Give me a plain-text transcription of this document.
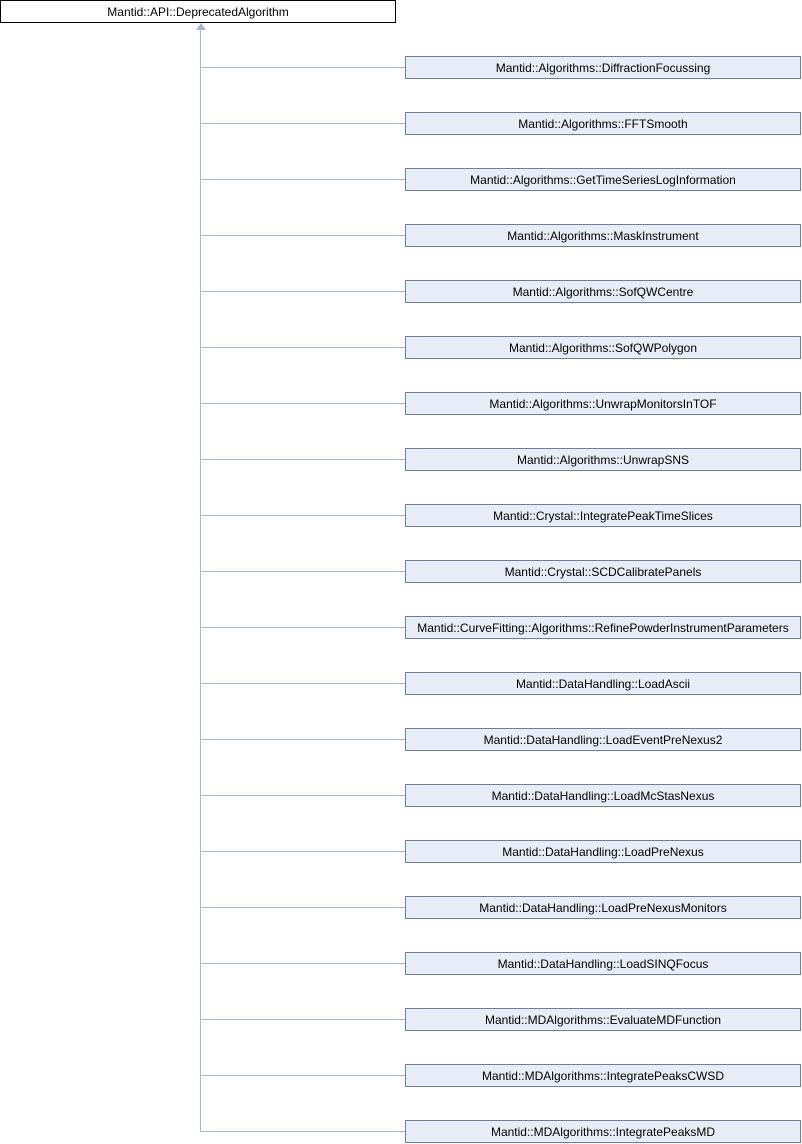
Mantid::API::DeprecatedAlgorithm
Mantid::Algorithms::DiffractionFocussing
Mantid::Algorithms::FFTSmooth
Mantid::Algorithms::GetTimeSeriesLogInformation
Mantid::Algorithms::MaskInstrument
Mantid::Algorithms::SofQWCentre
Mantid::Algorithms::SofQWPolygon
Mantid::Algorithms::UnwrapMonitorsInTOF
Mantid::Algorithms::UnwrapSNS
Mantid::Crystal::IntegratePeakTimeSlices
Mantid::Crystal::SCDCalibratePanels
Mantid::CurveFitting::Algorithms::RefinePowderInstrumentParameters
Mantid::DataHandling::LoadAscii
Mantid::DataHandling::LoadEventPreNexus2
Mantid::DataHandling::LoadMcStasNexus
Mantid::DataHandling::LoadPreNexus
Mantid::DataHandling::LoadPreNexusMonitors
Mantid::DataHandling::LoadSINQFocus
Mantid::MDAlgorithms::EvaluateMDFunction
Mantid::MDAlgorithms::IntegratePeaksCWSD
Mantid::MDAlgorithms::IntegratePeaksMD
